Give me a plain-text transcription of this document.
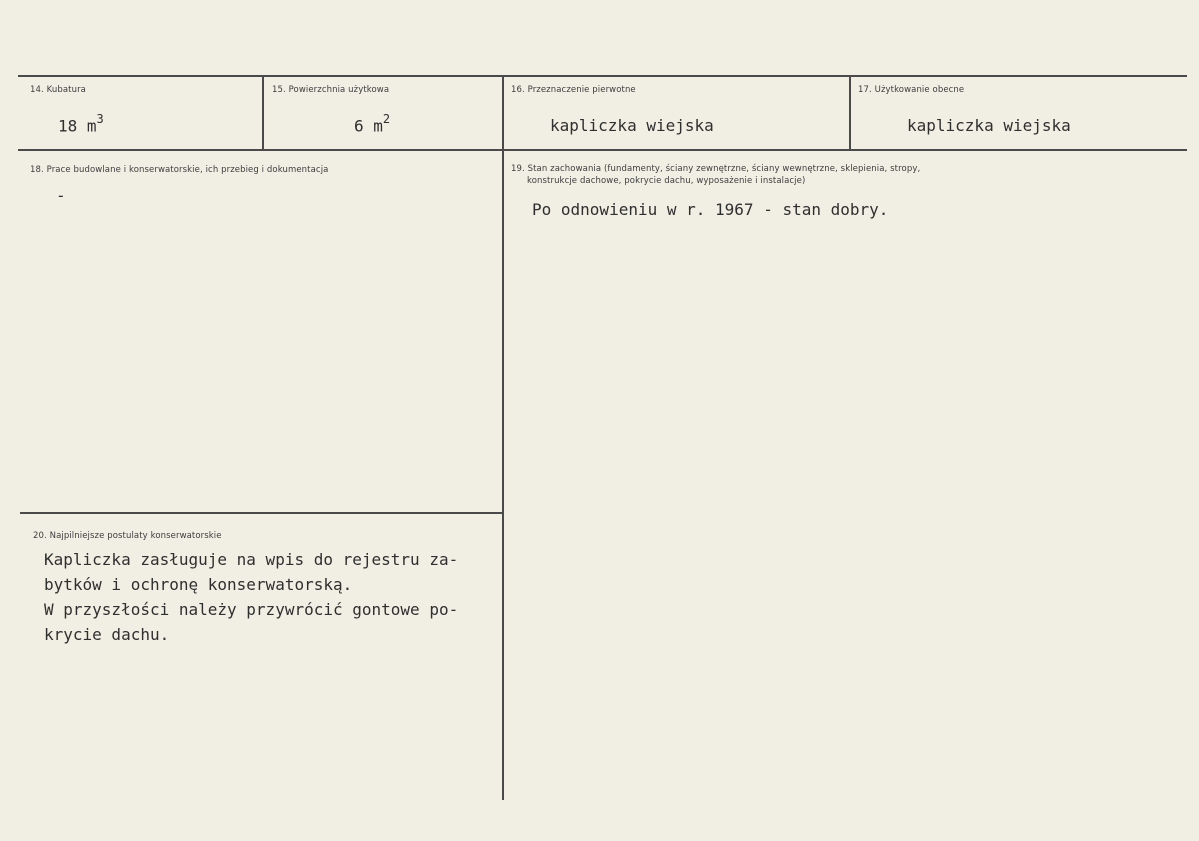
14. Kubatura
18 $m^3$
15. Powierzchnia użytkowa
6 $m^2$
16. Przeznaczenie pierwotne
kapliczka wiejska
17. Użytkowanie obecne
kapliczka wiejska
18. Prace budowlane i konserwatorskie, ich przebieg i dokumentacja
-
19. Stan zachowania (fundamenty, ściany zewnętrzne, ściany wewnętrzne, sklepienia, stropy,
konstrukcje dachowe, pokrycie dachu, wyposażenie i instalacje)
Po odnowieniu w r. 1967 - stan dobry.
20. Najpilniejsze postulaty konserwatorskie
Kapliczka zasługuje na wpis do rejestru za-
bytków i ochronę konserwatorską.
W przyszłości należy przywrócić gontowe po-
krycie dachu.
